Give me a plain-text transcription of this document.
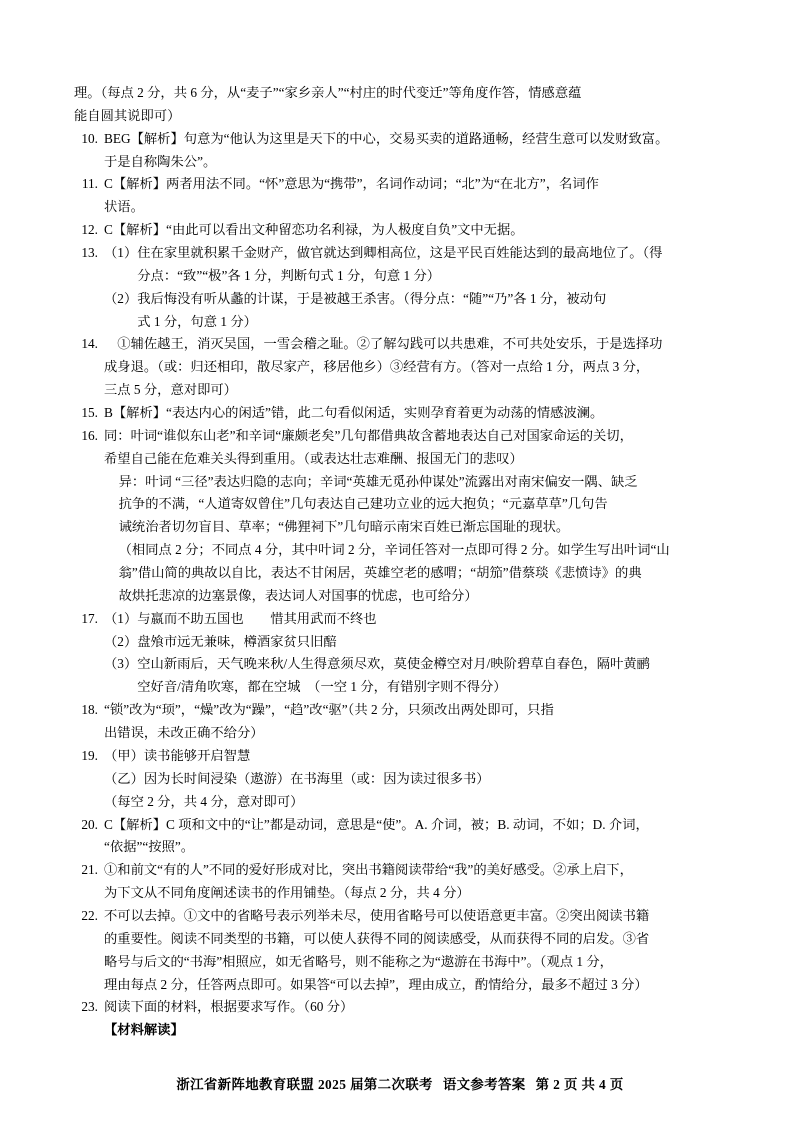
理。（每点 2 分，共 6 分，从“麦子”“家乡亲人”“村庄的时代变迁”等角度作答，情感意蕴
能自圆其说即可）
10. BEG【解析】句意为“他认为这里是天下的中心，交易买卖的道路通畅，经营生意可以发财致富。
于是自称陶朱公”。
11. C【解析】两者用法不同。“怀”意思为“携带”，名词作动词；“北”为“在北方”，名词作
状语。
12. C【解析】“由此可以看出文种留恋功名利禄，为人极度自负”文中无据。
13. （1） 住在家里就积累千金财产，做官就达到卿相高位，这是平民百姓能达到的最高地位了。（得
分点：“致”“极”各 1 分，判断句式 1 分，句意 1 分）
（2） 我后悔没有听从蠡的计谋，于是被越王杀害。（得分点：“随”“乃”各 1 分，被动句
式 1 分，句意 1 分）
14.	①辅佐越王，消灭吴国，一雪会稽之耻。②了解勾践可以共患难，不可共处安乐，于是选择功
成身退。（或：归还相印，散尽家产，移居他乡）③经营有方。（答对一点给 1 分，两点 3 分，
三点 5 分，意对即可）
15. B【解析】“表达内心的闲适”错，此二句看似闲适，实则孕育着更为动荡的情感波澜。
16. 同：叶词“谁似东山老”和辛词“廉颇老矣”几句都借典故含蓄地表达自己对国家命运的关切，
希望自己能在危难关头得到重用。（或表达壮志难酬、报国无门的悲叹）
异：叶词 “三径”表达归隐的志向；辛词“英雄无觅孙仲谋处”流露出对南宋偏安一隅、缺乏
抗争的不满，“人道寄奴曾住”几句表达自己建功立业的远大抱负；“元嘉草草”几句告
诫统治者切勿盲目、草率；“佛狸祠下”几句暗示南宋百姓已渐忘国耻的现状。
（相同点 2 分；不同点 4 分，其中叶词 2 分，辛词任答对一点即可得 2 分。如学生写出叶词“山
翁”借山简的典故以自比，表达不甘闲居，英雄空老的感喟；“胡笳”借蔡琰《悲愤诗》的典
故烘托悲凉的边塞景像，表达词人对国事的忧虑，也可给分）
17. （1） 与嬴而不助五国也　　惜其用武而不终也
（2） 盘飧市远无兼味，樽酒家贫只旧醅
（3） 空山新雨后，天气晚来秋/人生得意须尽欢，莫使金樽空对月/映阶碧草自春色，隔叶黄鹂
空好音/清角吹寒，都在空城　（一空 1 分，有错别字则不得分）
18. “锁”改为“顼”，“燥”改为“躁”，“趋”改“驱”（共 2 分，只须改出两处即可，只指
出错误，未改正确不给分）
19. （甲）读书能够开启智慧
（乙）因为长时间浸染（遨游）在书海里（或：因为读过很多书）
（每空 2 分，共 4 分，意对即可）
20. C【解析】C 项和文中的“让”都是动词，意思是“使”。A. 介词，被；B. 动词，不如；D. 介词，
“依据”“按照”。
21. ①和前文“有的人”不同的爱好形成对比，突出书籍阅读带给“我”的美好感受。②承上启下，
为下文从不同角度阐述读书的作用铺垫。（每点 2 分，共 4 分）
22. 不可以去掉。①文中的省略号表示列举未尽，使用省略号可以使语意更丰富。②突出阅读书籍
的重要性。阅读不同类型的书籍，可以使人获得不同的阅读感受，从而获得不同的启发。③省
略号与后文的“书海”相照应，如无省略号，则不能称之为“遨游在书海中”。（观点 1 分，
理由每点 2 分，任答两点即可。如果答“可以去掉”，理由成立，酌情给分，最多不超过 3 分）
23. 阅读下面的材料，根据要求写作。（60 分）
【材料解读】
浙江省新阵地教育联盟 2025 届第二次联考 语文参考答案 第 2 页 共 4 页
